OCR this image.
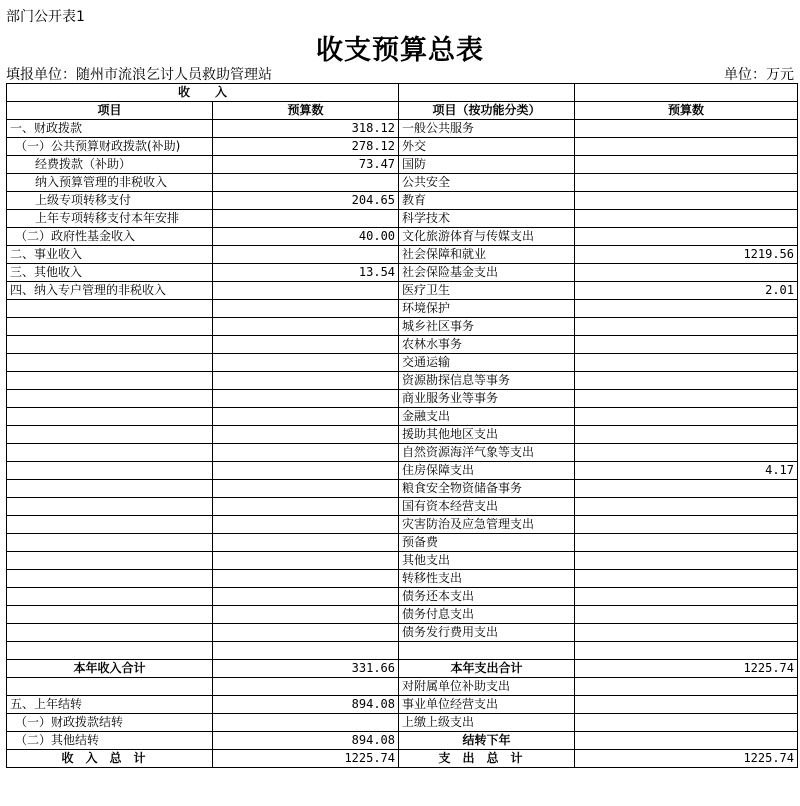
部门公开表1
收支预算总表
填报单位：随州市流浪乞讨人员救助管理站	单位：万元
收      入			
项目	预算数	项目（按功能分类）	预算数
一、财政拨款	318.12	一般公共服务	
（一）公共预算财政拨款(补助)	278.12	外交	
经费拨款（补助）	73.47	国防	
纳入预算管理的非税收入		公共安全	
上级专项转移支付	204.65	教育	
上年专项转移支付本年安排		科学技术	
（二）政府性基金收入	40.00	文化旅游体育与传媒支出	
二、事业收入		社会保障和就业	1219.56
三、其他收入	13.54	社会保险基金支出	
四、纳入专户管理的非税收入		医疗卫生	2.01
		环境保护	
		城乡社区事务	
		农林水事务	
		交通运输	
		资源勘探信息等事务	
		商业服务业等事务	
		金融支出	
		援助其他地区支出	
		自然资源海洋气象等支出	
		住房保障支出	4.17
		粮食安全物资储备事务	
		国有资本经营支出	
		灾害防治及应急管理支出	
		预备费	
		其他支出	
		转移性支出	
		债务还本支出	
		债务付息支出	
		债务发行费用支出	

本年收入合计	331.66	本年支出合计	1225.74
		对附属单位补助支出	
五、上年结转	894.08	事业单位经营支出	
（一）财政拨款结转		上缴上级支出	
（二）其他结转	894.08	结转下年	
收入总计	1225.74	支出总计	1225.74
